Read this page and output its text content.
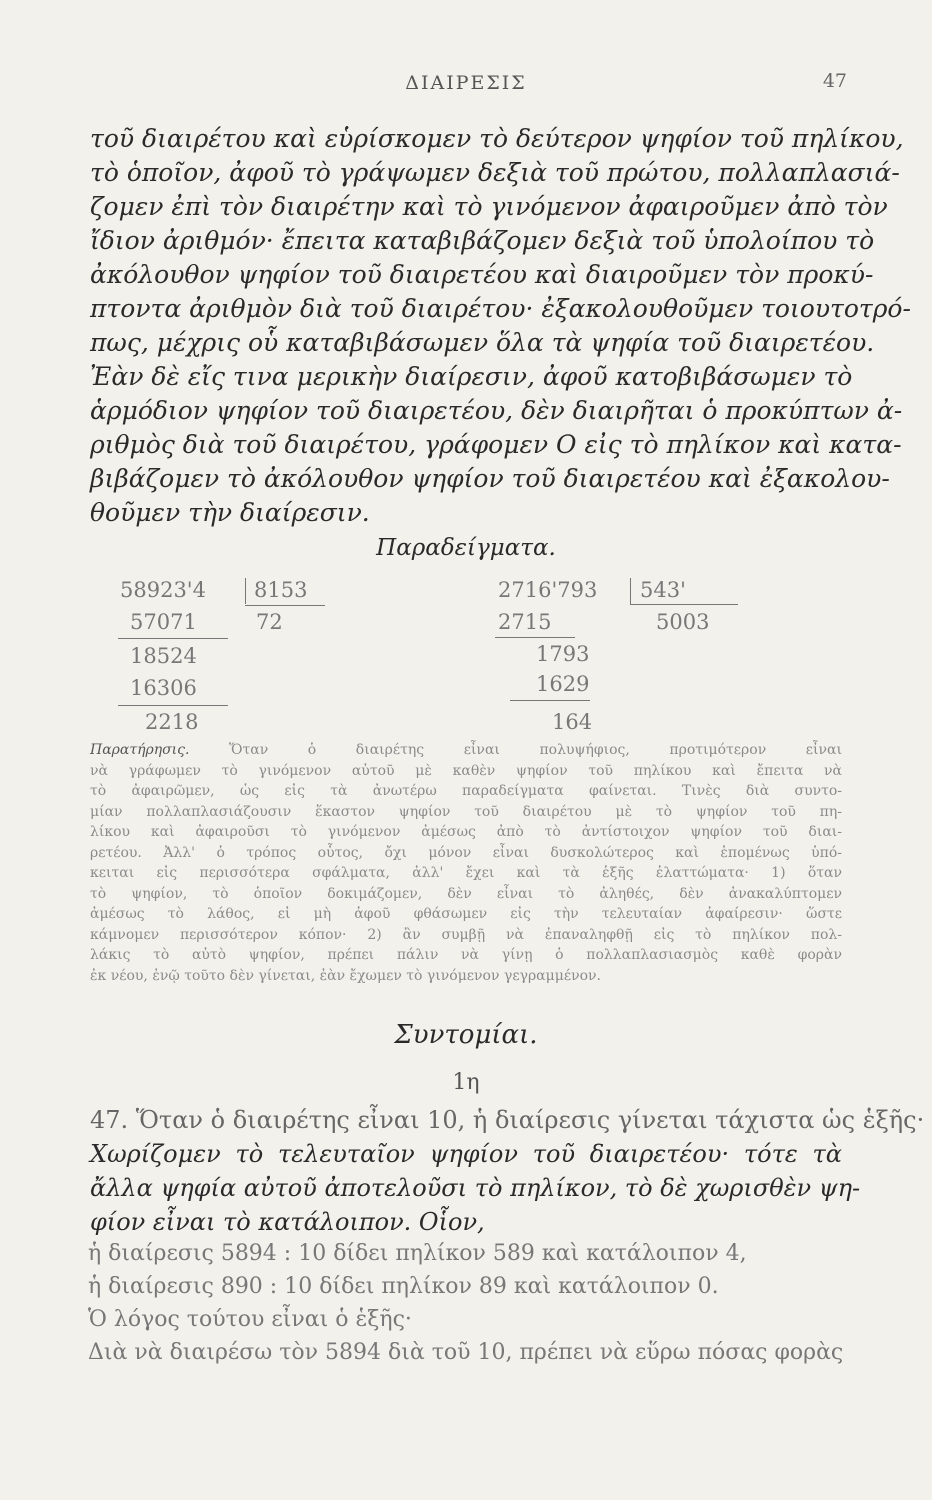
ΔΙΑΙΡΕΣΙΣ	47
τοῦ διαιρέτου καὶ εὑρίσκομεν τὸ δεύτερον ψηφίον τοῦ πηλίκου,
τὸ ὁποῖον, ἀφοῦ τὸ γράψωμεν δεξιὰ τοῦ πρώτου, πολλαπλασιά-
ζομεν ἐπὶ τὸν διαιρέτην καὶ τὸ γινόμενον ἀφαιροῦμεν ἀπὸ τὸν
ἴδιον ἀριθμόν· ἔπειτα καταβιβάζομεν δεξιὰ τοῦ ὑπολοίπου τὸ
ἀκόλουθον ψηφίον τοῦ διαιρετέου καὶ διαιροῦμεν τὸν προκύ-
πτοντα ἀριθμὸν διὰ τοῦ διαιρέτου· ἐξακολουθοῦμεν τοιουτοτρό-
πως, μέχρις οὗ καταβιβάσωμεν ὅλα τὰ ψηφία τοῦ διαιρετέου.
Ἐὰν δὲ εἴς τινα μερικὴν διαίρεσιν, ἀφοῦ κατοβιβάσωμεν τὸ
ἁρμόδιον ψηφίον τοῦ διαιρετέου, δὲν διαιρῆται ὁ προκύπτων ἀ-
ριθμὸς διὰ τοῦ διαιρέτου, γράφομεν Ο εἰς τὸ πηλίκον καὶ κατα-
βιβάζομεν τὸ ἀκόλουθον ψηφίον τοῦ διαιρετέου καὶ ἐξακολου-
θοῦμεν τὴν διαίρεσιν.
Παραδείγματα.
58923'4 8153
72
57071
18524
16306
2218
2716'793 543'
5003
2715
1793
1629
164
Παρατήρησις. Ὅταν ὁ διαιρέτης εἶναι πολυψήφιος, προτιμότερον εἶναι
νὰ γράφωμεν τὸ γινόμενον αὐτοῦ μὲ καθὲν ψηφίον τοῦ πηλίκου καὶ ἔπειτα νὰ
τὸ ἀφαιρῶμεν, ὡς εἰς τὰ ἀνωτέρω παραδείγματα φαίνεται. Τινὲς διὰ συντο-
μίαν πολλαπλασιάζουσιν ἕκαστον ψηφίον τοῦ διαιρέτου μὲ τὸ ψηφίον τοῦ πη-
λίκου καὶ ἀφαιροῦσι τὸ γινόμενον ἀμέσως ἀπὸ τὸ ἀντίστοιχον ψηφίον τοῦ διαι-
ρετέου. Ἀλλ' ὁ τρόπος οὗτος, ὄχι μόνον εἶναι δυσκολώτερος καὶ ἑπομένως ὑπό-
κειται εἰς περισσότερα σφάλματα, ἀλλ' ἔχει καὶ τὰ ἑξῆς ἐλαττώματα· 1) ὅταν
τὸ ψηφίον, τὸ ὁποῖον δοκιμάζομεν, δὲν εἶναι τὸ ἀληθές, δὲν ἀνακαλύπτομεν
ἀμέσως τὸ λάθος, εἰ μὴ ἀφοῦ φθάσωμεν εἰς τὴν τελευταίαν ἀφαίρεσιν· ὥστε
κάμνομεν περισσότερον κόπον· 2) ἂν συμβῇ νὰ ἐπαναληφθῇ εἰς τὸ πηλίκον πολ-
λάκις τὸ αὐτὸ ψηφίον, πρέπει πάλιν νὰ γίνῃ ὁ πολλαπλασιασμὸς καθὲ φορὰν
ἐκ νέου, ἐνῷ τοῦτο δὲν γίνεται, ἐὰν ἔχωμεν τὸ γινόμενον γεγραμμένον.
Συντομίαι.
1η
47. Ὅταν ὁ διαιρέτης εἶναι 10, ἡ διαίρεσις γίνεται τάχιστα ὡς ἑξῆς·
Χωρίζομεν τὸ τελευταῖον ψηφίον τοῦ διαιρετέου· τότε τὰ
ἄλλα ψηφία αὐτοῦ ἀποτελοῦσι τὸ πηλίκον, τὸ δὲ χωρισθὲν ψη-
φίον εἶναι τὸ κατάλοιπον. Οἷον,
ἡ διαίρεσις 5894 : 10 δίδει πηλίκον 589 καὶ κατάλοιπον 4,
ἡ διαίρεσις 890 : 10 δίδει πηλίκον 89 καὶ κατάλοιπον 0.
Ὁ λόγος τούτου εἶναι ὁ ἑξῆς·
Διὰ νὰ διαιρέσω τὸν 5894 διὰ τοῦ 10, πρέπει νὰ εὕρω πόσας φορὰς
